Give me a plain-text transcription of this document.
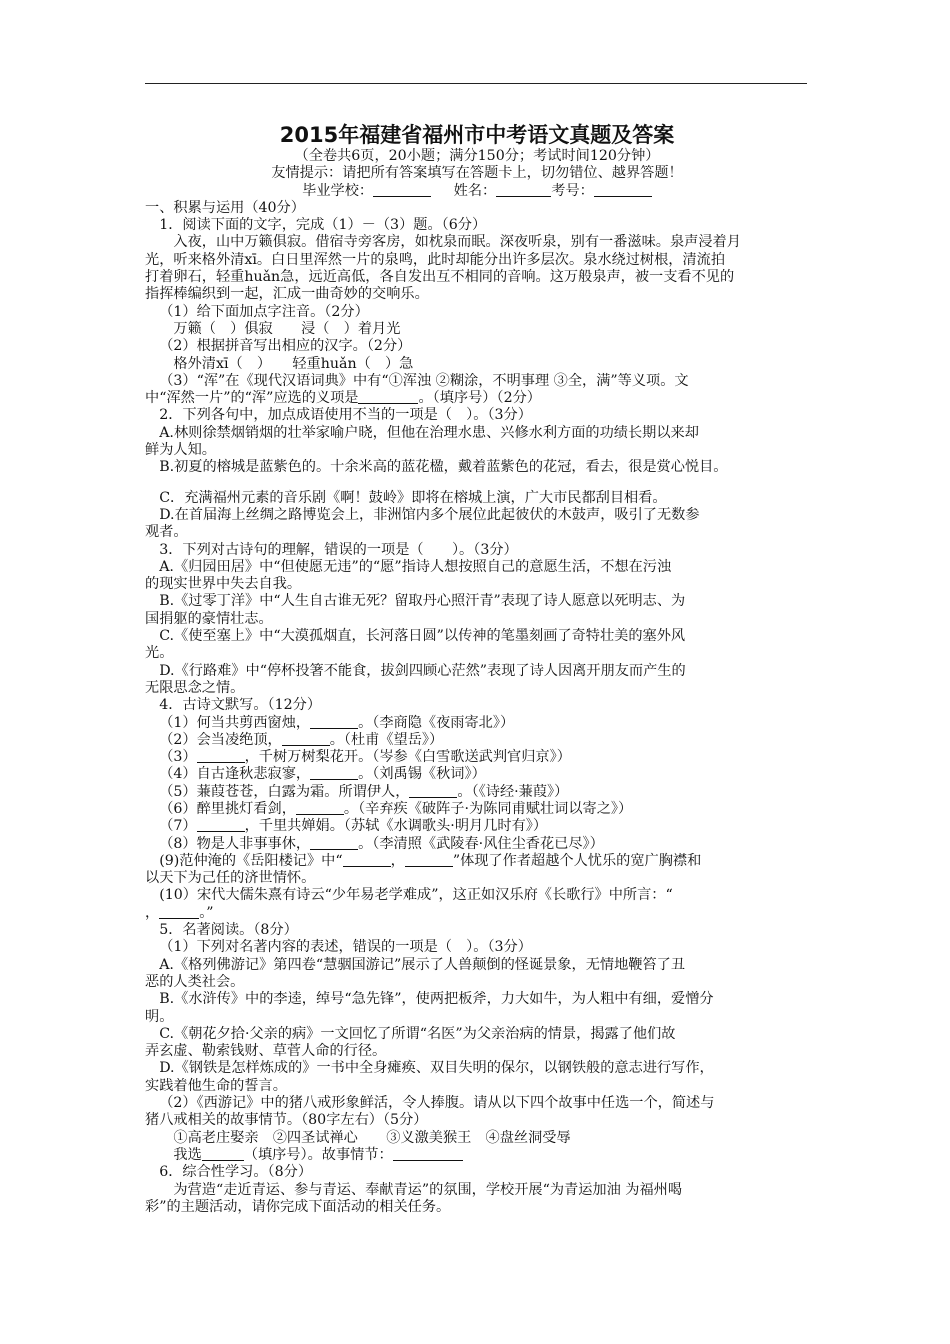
2015年福建省福州市中考语文真题及答案

（全卷共6页，20小题；满分150分；考试时间120分钟）

友情提示：请把所有答案填写在答题卡上，切勿错位、越界答题！

毕业学校：	姓名：	考号：

一、积累与运用（40分）

1．阅读下面的文字，完成（1）－（3）题。（6分）

入夜，山中万籁俱寂。借宿寺旁客房，如枕泉而眠。深夜听泉，别有一番滋味。泉声浸着月

光，听来格外清xī。白日里浑然一片的泉鸣，此时却能分出许多层次。泉水绕过树根，清流拍

打着卵石，轻重huǎn急，远近高低，各自发出互不相同的音响。这万般泉声，被一支看不见的

指挥棒编织到一起，汇成一曲奇妙的交响乐。

（1）给下面加点字注音。（2分）

万籁（　）俱寂　　浸（　）着月光

（2）根据拼音写出相应的汉字。（2分）

格外清xī（　）　　轻重huǎn（　）急

（3）“浑”在《现代汉语词典》中有“①浑浊 ②糊涂，不明事理 ③全，满”等义项。文

中“浑然一片”的“浑”应选的义项是	。（填序号）（2分）

2．下列各句中，加点成语使用不当的一项是（　）。（3分）

A.林则徐禁烟销烟的壮举家喻户晓，但他在治理水患、兴修水利方面的功绩长期以来却

鲜为人知。

B.初夏的榕城是蓝紫色的。十余米高的蓝花楹，戴着蓝紫色的花冠，看去，很是赏心悦目。

C．充满福州元素的音乐剧《啊！鼓岭》即将在榕城上演，广大市民都刮目相看。

D.在首届海上丝绸之路博览会上，非洲馆内多个展位此起彼伏的木鼓声，吸引了无数参

观者。

3．下列对古诗句的理解，错误的一项是（　　）。（3分）

A.《归园田居》中“但使愿无违”的“愿”指诗人想按照自己的意愿生活，不想在污浊

的现实世界中失去自我。

B.《过零丁洋》中“人生自古谁无死？留取丹心照汗青”表现了诗人愿意以死明志、为

国捐躯的豪情壮志。

C.《使至塞上》中“大漠孤烟直，长河落日圆”以传神的笔墨刻画了奇特壮美的塞外风

光。

D.《行路难》中“停杯投箸不能食，拔剑四顾心茫然”表现了诗人因离开朋友而产生的

无限思念之情。

4．古诗文默写。（12分）

（1）何当共剪西窗烛，	。（李商隐《夜雨寄北》）

（2）会当凌绝顶，	。（杜甫《望岳》）

（3）	，千树万树梨花开。（岑参《白雪歌送武判官归京》）

（4）自古逢秋悲寂寥，	。（刘禹锡《秋词》）

（5）蒹葭苍苍，白露为霜。所谓伊人，	。（《诗经·蒹葭》）

（6）醉里挑灯看剑，	。（辛弃疾《破阵子·为陈同甫赋壮词以寄之》）

（7）	，千里共婵娟。（苏轼《水调歌头·明月几时有》）

（8）物是人非事事休，	。（李清照《武陵春·风住尘香花已尽》）

(9)范仲淹的《岳阳楼记》中“	，	”体现了作者超越个人忧乐的宽广胸襟和

以天下为己任的济世情怀。

(10）宋代大儒朱熹有诗云“少年易老学难成”，这正如汉乐府《长歌行》中所言：“

，	。”

5．名著阅读。（8分）

（1）下列对名著内容的表述，错误的一项是（　）。（3分）

A.《格列佛游记》第四卷“慧骃国游记”展示了人兽颠倒的怪诞景象，无情地鞭笞了丑

恶的人类社会。

B.《水浒传》中的李逵，绰号“急先锋”，使两把板斧，力大如牛，为人粗中有细，爱憎分

明。

C.《朝花夕拾·父亲的病》一文回忆了所谓“名医”为父亲治病的情景，揭露了他们故

弄玄虚、勒索钱财、草菅人命的行径。

D.《钢铁是怎样炼成的》一书中全身瘫痪、双目失明的保尔，以钢铁般的意志进行写作，

实践着他生命的誓言。

（2）《西游记》中的猪八戒形象鲜活，令人捧腹。请从以下四个故事中任选一个，简述与

猪八戒相关的故事情节。（80字左右）（5分）

①高老庄娶亲　②四圣试禅心　　③义激美猴王　④盘丝洞受辱

我选	（填序号）。故事情节：

6．综合性学习。（8分）

为营造“走近青运、参与青运、奉献青运”的氛围，学校开展“为青运加油 为福州喝

彩”的主题活动，请你完成下面活动的相关任务。
